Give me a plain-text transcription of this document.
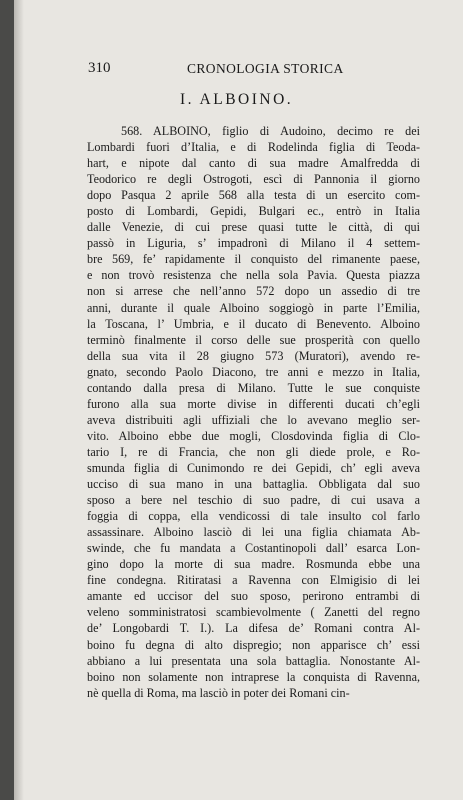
310	CRONOLOGIA STORICA
I. ALBOINO.
568. ALBOINO, figlio di Audoino, decimo re dei
Lombardi fuori d’Italia, e di Rodelinda figlia di Teoda-
hart, e nipote dal canto di sua madre Amalfredda di
Teodorico re degli Ostrogoti, escì di Pannonia il giorno
dopo Pasqua 2 aprile 568 alla testa di un esercito com-
posto di Lombardi, Gepidi, Bulgari ec., entrò in Italia
dalle Venezie, di cui prese quasi tutte le città, di qui
passò in Liguria, s’ impadronì di Milano il 4 settem-
bre 569, fe’ rapidamente il conquisto del rimanente paese,
e non trovò resistenza che nella sola Pavia. Questa piazza
non si arrese che nell’anno 572 dopo un assedio di tre
anni, durante il quale Alboino soggiogò in parte l’Emilia,
la Toscana, l’ Umbria, e il ducato di Benevento. Alboino
terminò finalmente il corso delle sue prosperità con quello
della sua vita il 28 giugno 573 (Muratori), avendo re-
gnato, secondo Paolo Diacono, tre anni e mezzo in Italia,
contando dalla presa di Milano. Tutte le sue conquiste
furono alla sua morte divise in differenti ducati ch’egli
aveva distribuiti agli uffiziali che lo avevano meglio ser-
vito. Alboino ebbe due mogli, Closdovinda figlia di Clo-
tario I, re di Francia, che non gli diede prole, e Ro-
smunda figlia di Cunimondo re dei Gepidi, ch’ egli aveva
ucciso di sua mano in una battaglia. Obbligata dal suo
sposo a bere nel teschio di suo padre, di cui usava a
foggia di coppa, ella vendicossi di tale insulto col farlo
assassinare. Alboino lasciò di lei una figlia chiamata Ab-
swinde, che fu mandata a Costantinopoli dall’ esarca Lon-
gino dopo la morte di sua madre. Rosmunda ebbe una
fine condegna. Ritiratasi a Ravenna con Elmigisio di lei
amante ed uccisor del suo sposo, perirono entrambi di
veleno somministratosi scambievolmente ( Zanetti del regno
de’ Longobardi T. I.). La difesa de’ Romani contra Al-
boino fu degna di alto dispregio; non apparisce ch’ essi
abbiano a lui presentata una sola battaglia. Nonostante Al-
boino non solamente non intraprese la conquista di Ravenna,
nè quella di Roma, ma lasciò in poter dei Romani cin-
